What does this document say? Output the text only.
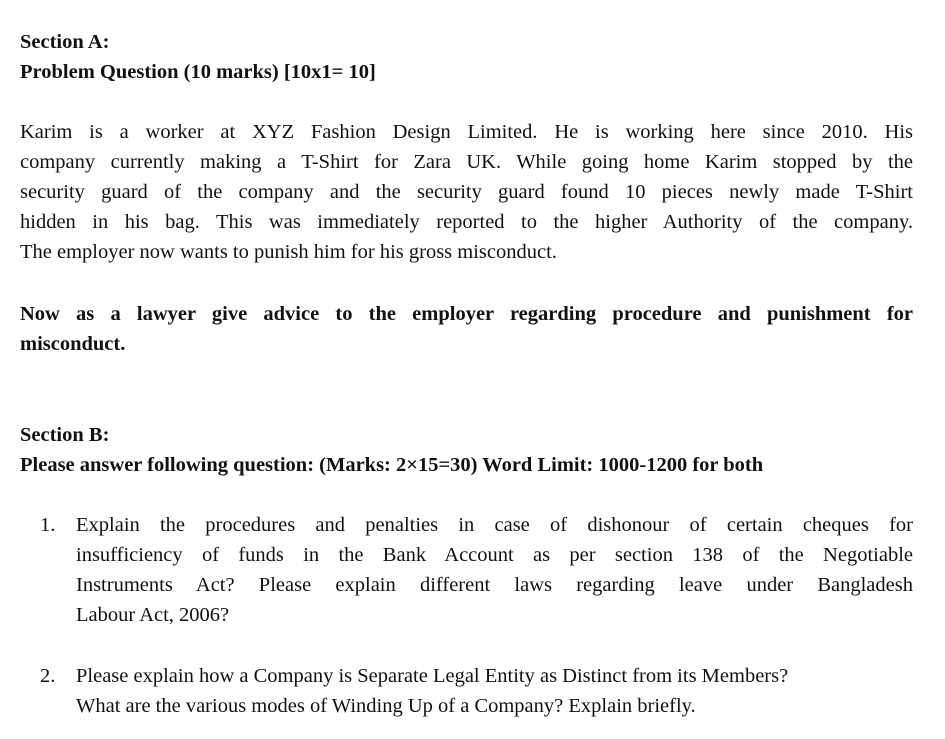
Section A:
Problem Question (10 marks) [10x1= 10]
Karim is a worker at XYZ Fashion Design Limited. He is working here since 2010. His
company currently making a T-Shirt for Zara UK. While going home Karim stopped by the
security guard of the company and the security guard found 10 pieces newly made T-Shirt
hidden in his bag. This was immediately reported to the higher Authority of the company.
The employer now wants to punish him for his gross misconduct.
Now as a lawyer give advice to the employer regarding procedure and punishment for
misconduct.
Section B:
Please answer following question: (Marks: 2×15=30) Word Limit: 1000-1200 for both
1.	Explain the procedures and penalties in case of dishonour of certain cheques for
insufficiency of funds in the Bank Account as per section 138 of the Negotiable
Instruments Act? Please explain different laws regarding leave under Bangladesh
Labour Act, 2006?
2.	Please explain how a Company is Separate Legal Entity as Distinct from its Members?
What are the various modes of Winding Up of a Company? Explain briefly.
